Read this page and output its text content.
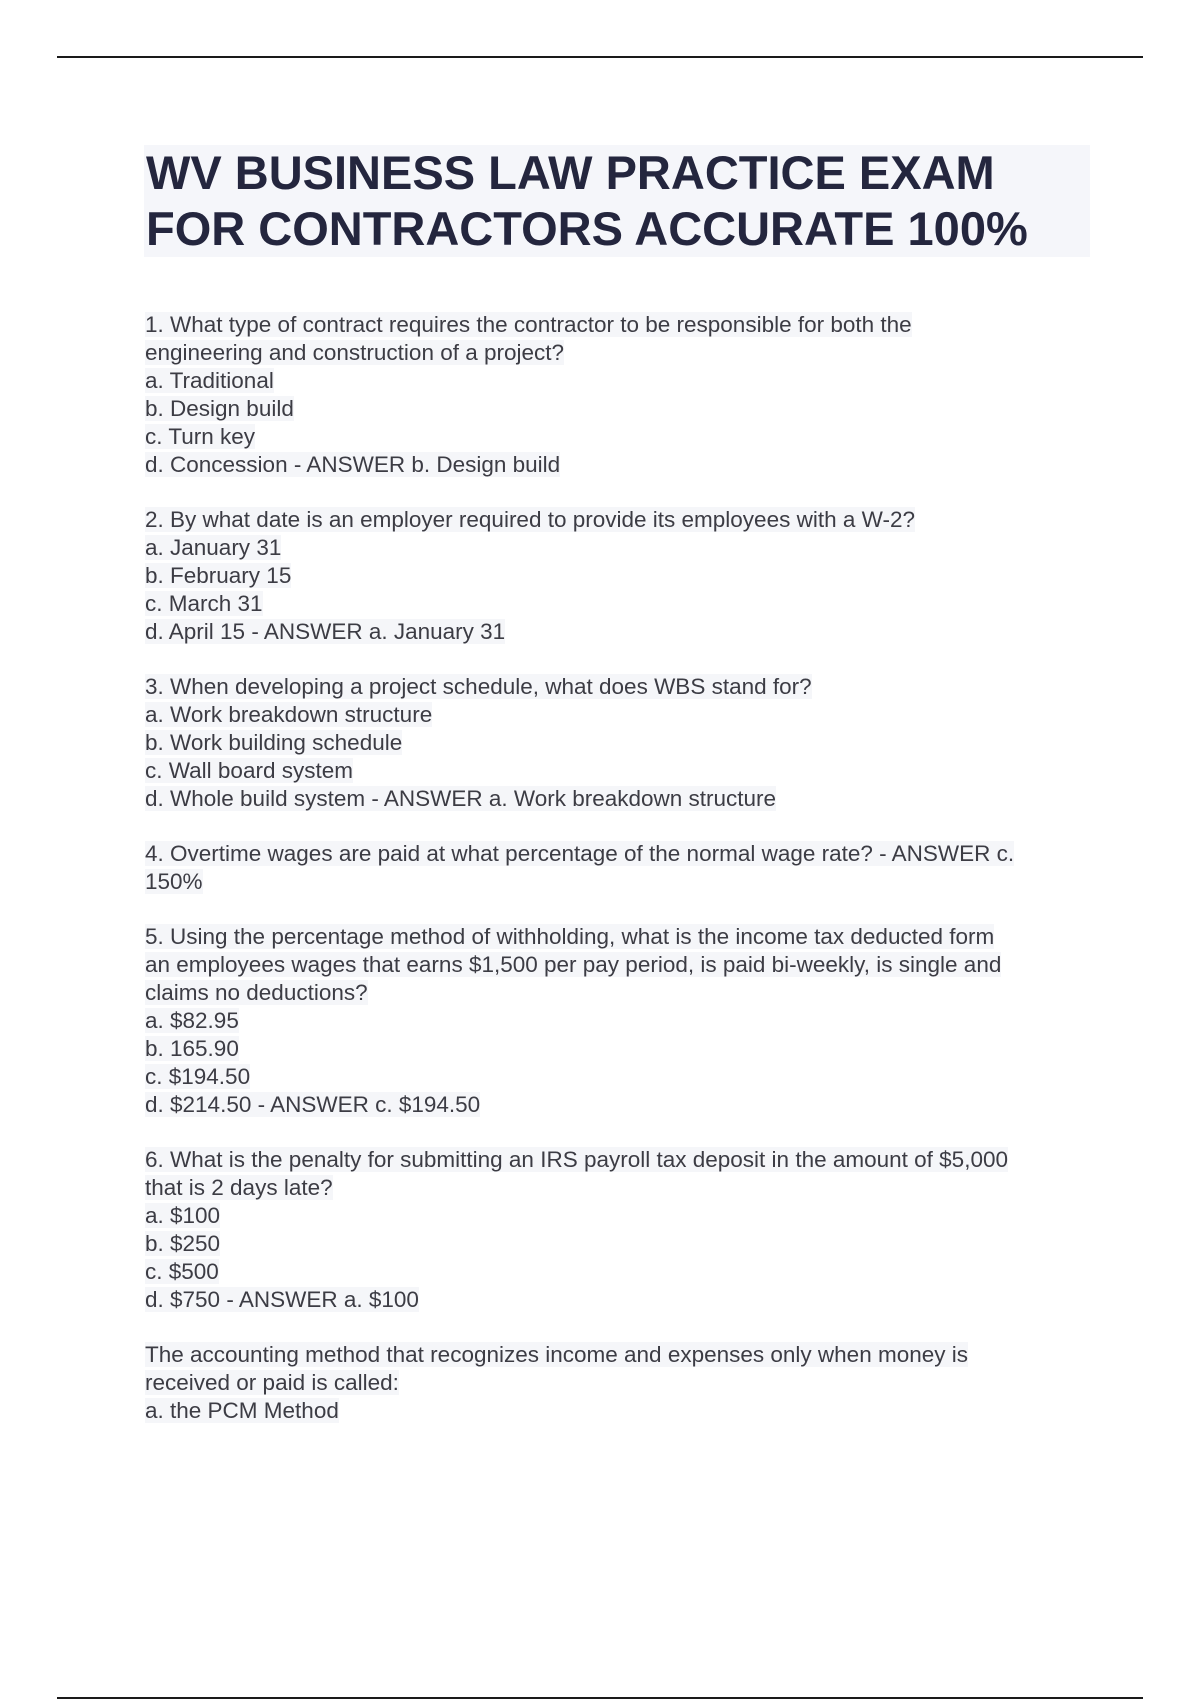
WV BUSINESS LAW PRACTICE EXAM
FOR CONTRACTORS ACCURATE 100%
1. What type of contract requires the contractor to be responsible for both the
engineering and construction of a project?
a. Traditional
b. Design build
c. Turn key
d. Concession - ANSWER b. Design build
2. By what date is an employer required to provide its employees with a W-2?
a. January 31
b. February 15
c. March 31
d. April 15 - ANSWER a. January 31
3. When developing a project schedule, what does WBS stand for?
a. Work breakdown structure
b. Work building schedule
c. Wall board system
d. Whole build system - ANSWER a. Work breakdown structure
4. Overtime wages are paid at what percentage of the normal wage rate? - ANSWER c.
150%
5. Using the percentage method of withholding, what is the income tax deducted form
an employees wages that earns $1,500 per pay period, is paid bi-weekly, is single and
claims no deductions?
a. $82.95
b. 165.90
c. $194.50
d. $214.50 - ANSWER c. $194.50
6. What is the penalty for submitting an IRS payroll tax deposit in the amount of $5,000
that is 2 days late?
a. $100
b. $250
c. $500
d. $750 - ANSWER a. $100
The accounting method that recognizes income and expenses only when money is
received or paid is called:
a. the PCM Method
